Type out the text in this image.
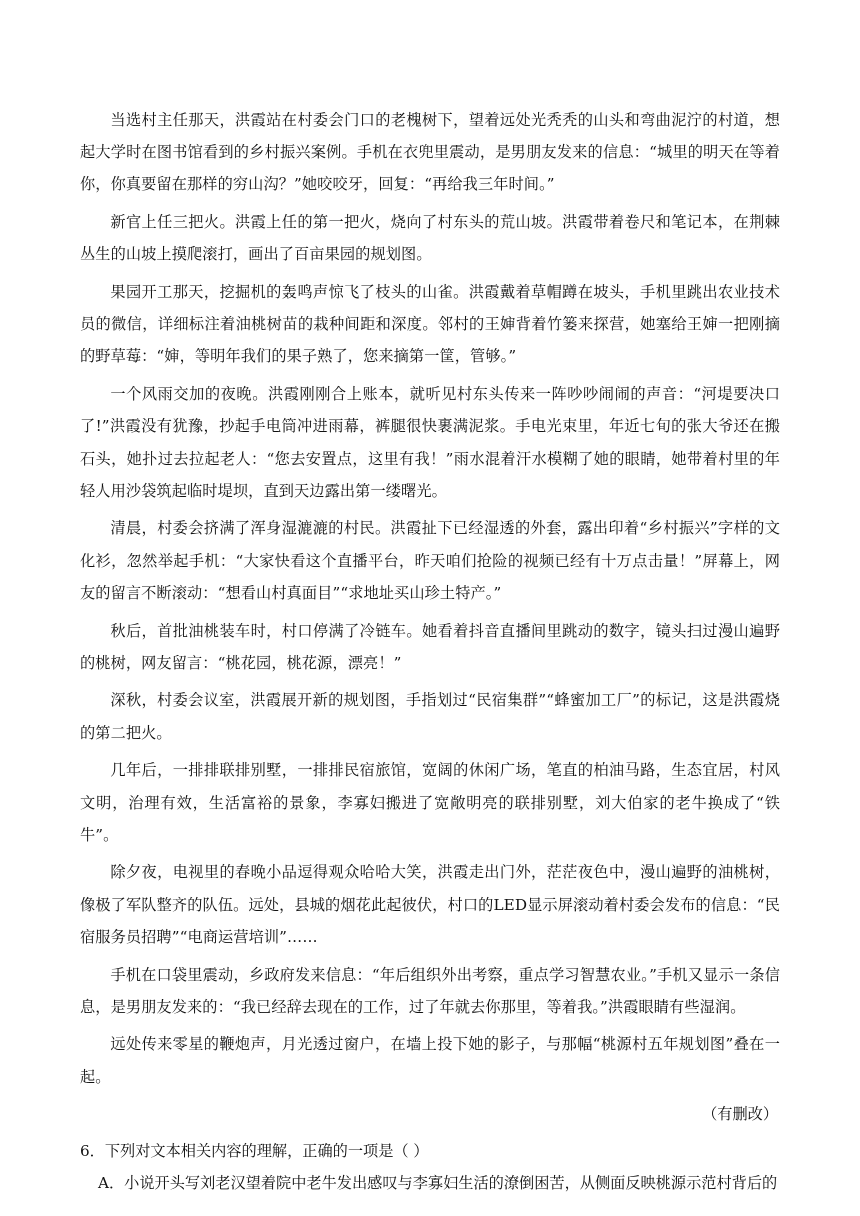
当选村主任那天，洪霞站在村委会门口的老槐树下，望着远处光秃秃的山头和弯曲泥泞的村道，想起大学时在图书馆看到的乡村振兴案例。手机在衣兜里震动，是男朋友发来的信息：“城里的明天在等着你，你真要留在那样的穷山沟？”她咬咬牙，回复：“再给我三年时间。”

新官上任三把火。洪霞上任的第一把火，烧向了村东头的荒山坡。洪霞带着卷尺和笔记本，在荆棘丛生的山坡上摸爬滚打，画出了百亩果园的规划图。

果园开工那天，挖掘机的轰鸣声惊飞了枝头的山雀。洪霞戴着草帽蹲在坡头，手机里跳出农业技术员的微信，详细标注着油桃树苗的栽种间距和深度。邻村的王婶背着竹篓来探营，她塞给王婶一把刚摘的野草莓：“婶，等明年我们的果子熟了，您来摘第一筐，管够。”

一个风雨交加的夜晚。洪霞刚刚合上账本，就听见村东头传来一阵吵吵闹闹的声音：“河堤要决口了!”洪霞没有犹豫，抄起手电筒冲进雨幕，裤腿很快裹满泥浆。手电光束里，年近七旬的张大爷还在搬石头，她扑过去拉起老人：“您去安置点，这里有我！”雨水混着汗水模糊了她的眼睛，她带着村里的年轻人用沙袋筑起临时堤坝，直到天边露出第一缕曙光。

清晨，村委会挤满了浑身湿漉漉的村民。洪霞扯下已经湿透的外套，露出印着“乡村振兴”字样的文化衫，忽然举起手机：“大家快看这个直播平台，昨天咱们抢险的视频已经有十万点击量！”屏幕上，网友的留言不断滚动：“想看山村真面目”“求地址买山珍土特产。”

秋后，首批油桃装车时，村口停满了冷链车。她看着抖音直播间里跳动的数字，镜头扫过漫山遍野的桃树，网友留言：“桃花园，桃花源，漂亮！”

深秋，村委会议室，洪霞展开新的规划图，手指划过“民宿集群”“蜂蜜加工厂”的标记，这是洪霞烧的第二把火。

几年后，一排排联排别墅，一排排民宿旅馆，宽阔的休闲广场，笔直的柏油马路，生态宜居，村风文明，治理有效，生活富裕的景象，李寡妇搬进了宽敞明亮的联排别墅，刘大伯家的老牛换成了“铁牛”。

除夕夜，电视里的春晚小品逗得观众哈哈大笑，洪霞走出门外，茫茫夜色中，漫山遍野的油桃树，像极了军队整齐的队伍。远处，县城的烟花此起彼伏，村口的LED显示屏滚动着村委会发布的信息：“民宿服务员招聘”“电商运营培训”……

手机在口袋里震动，乡政府发来信息：“年后组织外出考察，重点学习智慧农业。”手机又显示一条信息，是男朋友发来的：“我已经辞去现在的工作，过了年就去你那里，等着我。”洪霞眼睛有些湿润。

远处传来零星的鞭炮声，月光透过窗户，在墙上投下她的影子，与那幅“桃源村五年规划图”叠在一起。

（有删改）

6．下列对文本相关内容的理解，正确的一项是（ ）

A．小说开头写刘老汉望着院中老牛发出感叹与李寡妇生活的潦倒困苦，从侧面反映桃源示范村背后的
